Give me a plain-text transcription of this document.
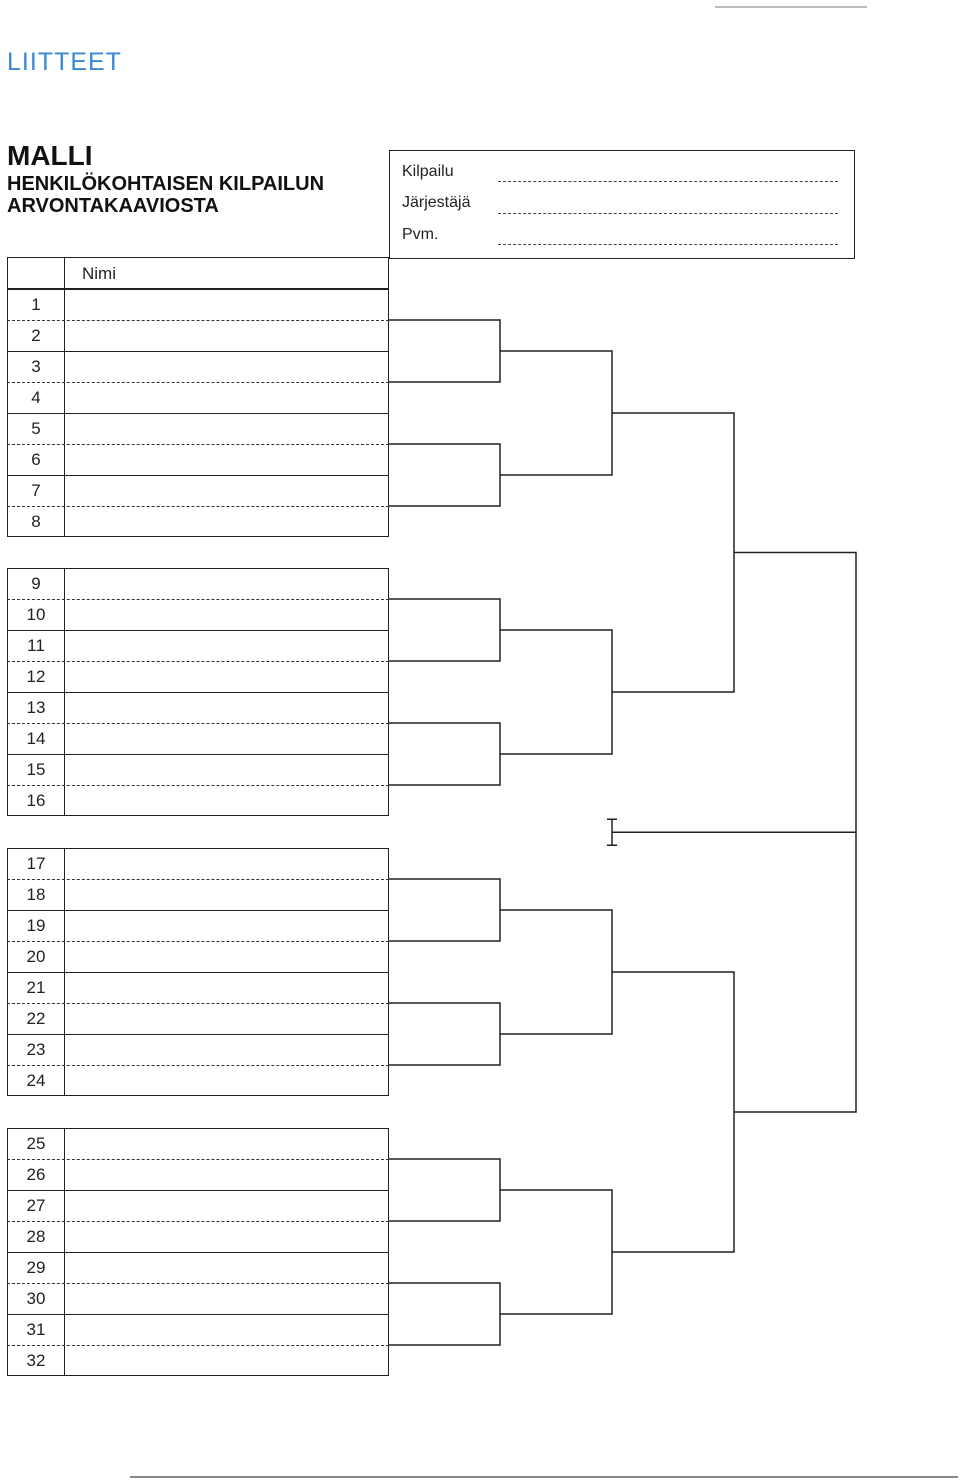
LIITTEET
MALLI
HENKILÖKOHTAISEN KILPAILUN
ARVONTAKAAVIOSTA
Kilpailu
Järjestäjä
Pvm.
Nimi
1
2
3
4
5
6
7
8
9
10
11
12
13
14
15
16
17
18
19
20
21
22
23
24
25
26
27
28
29
30
31
32
